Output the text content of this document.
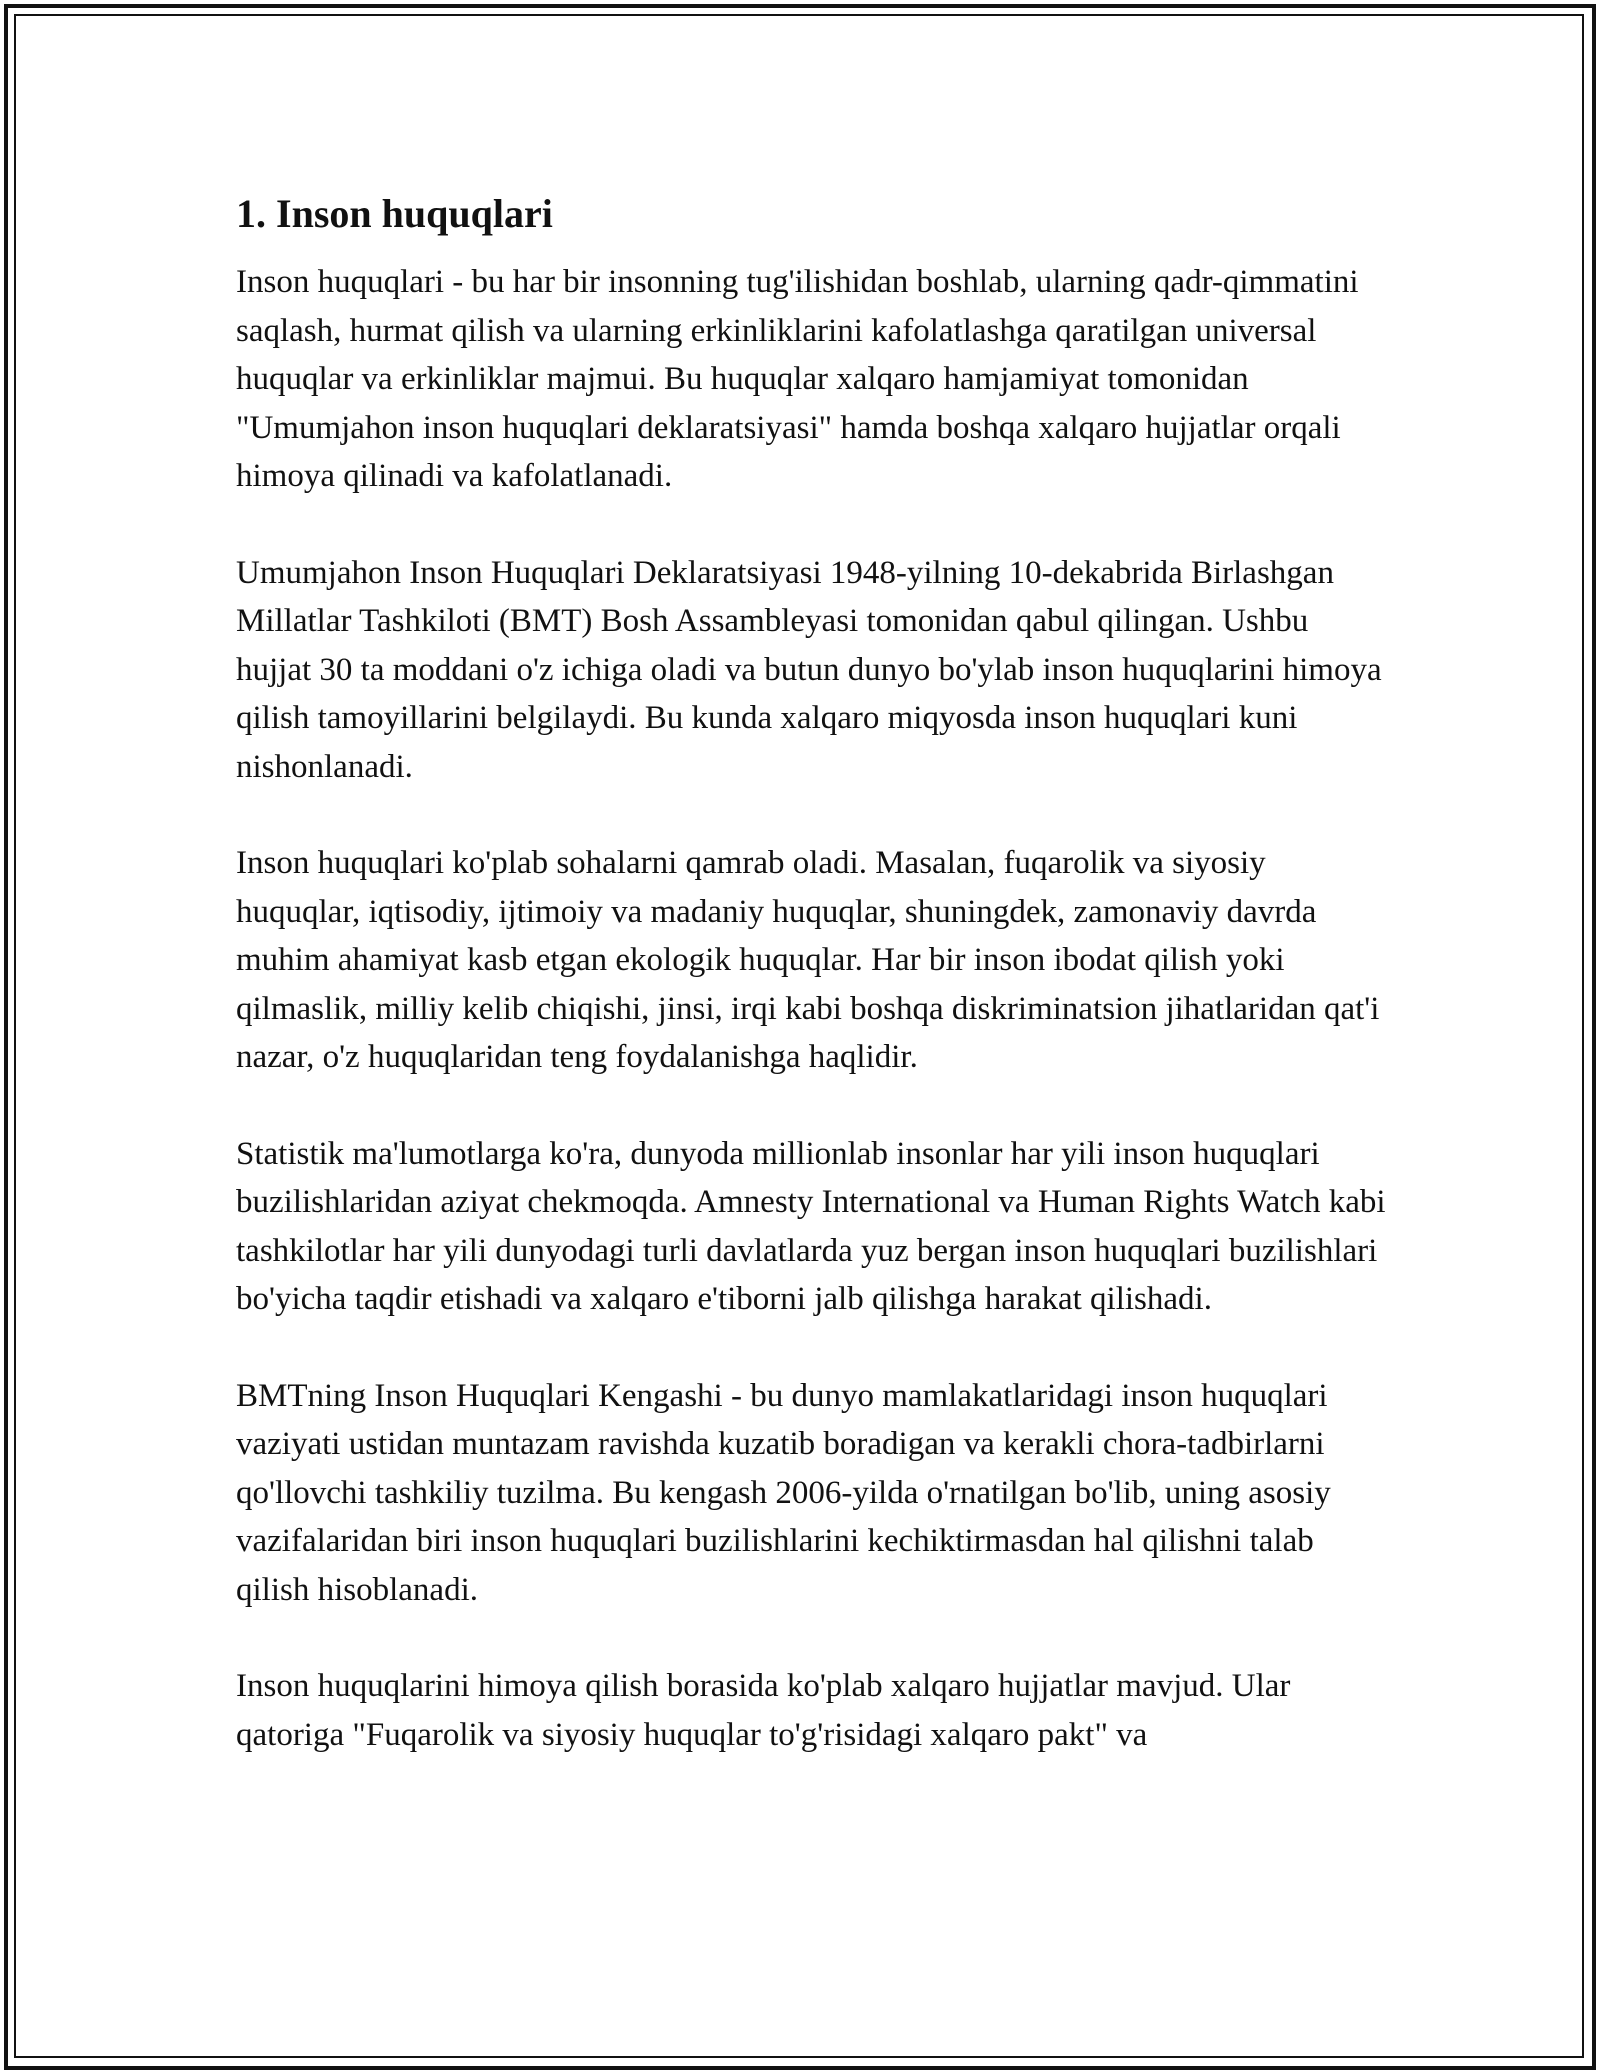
1. Inson huquqlari

Inson huquqlari - bu har bir insonning tug'ilishidan boshlab, ularning qadr-qimmatini saqlash, hurmat qilish va ularning erkinliklarini kafolatlashga qaratilgan universal huquqlar va erkinliklar majmui. Bu huquqlar xalqaro hamjamiyat tomonidan "Umumjahon inson huquqlari deklaratsiyasi" hamda boshqa xalqaro hujjatlar orqali himoya qilinadi va kafolatlanadi.

Umumjahon Inson Huquqlari Deklaratsiyasi 1948-yilning 10-dekabrida Birlashgan Millatlar Tashkiloti (BMT) Bosh Assambleyasi tomonidan qabul qilingan. Ushbu hujjat 30 ta moddani o'z ichiga oladi va butun dunyo bo'ylab inson huquqlarini himoya qilish tamoyillarini belgilaydi. Bu kunda xalqaro miqyosda inson huquqlari kuni nishonlanadi.

Inson huquqlari ko'plab sohalarni qamrab oladi. Masalan, fuqarolik va siyosiy huquqlar, iqtisodiy, ijtimoiy va madaniy huquqlar, shuningdek, zamonaviy davrda muhim ahamiyat kasb etgan ekologik huquqlar. Har bir inson ibodat qilish yoki qilmaslik, milliy kelib chiqishi, jinsi, irqi kabi boshqa diskriminatsion jihatlaridan qat'i nazar, o'z huquqlaridan teng foydalanishga haqlidir.

Statistik ma'lumotlarga ko'ra, dunyoda millionlab insonlar har yili inson huquqlari buzilishlaridan aziyat chekmoqda. Amnesty International va Human Rights Watch kabi tashkilotlar har yili dunyodagi turli davlatlarda yuz bergan inson huquqlari buzilishlari bo'yicha taqdir etishadi va xalqaro e'tiborni jalb qilishga harakat qilishadi.

BMTning Inson Huquqlari Kengashi - bu dunyo mamlakatlaridagi inson huquqlari vaziyati ustidan muntazam ravishda kuzatib boradigan va kerakli chora-tadbirlarni qo'llovchi tashkiliy tuzilma. Bu kengash 2006-yilda o'rnatilgan bo'lib, uning asosiy vazifalaridan biri inson huquqlari buzilishlarini kechiktirmasdan hal qilishni talab qilish hisoblanadi.

Inson huquqlarini himoya qilish borasida ko'plab xalqaro hujjatlar mavjud. Ular qatoriga "Fuqarolik va siyosiy huquqlar to'g'risidagi xalqaro pakt" va
